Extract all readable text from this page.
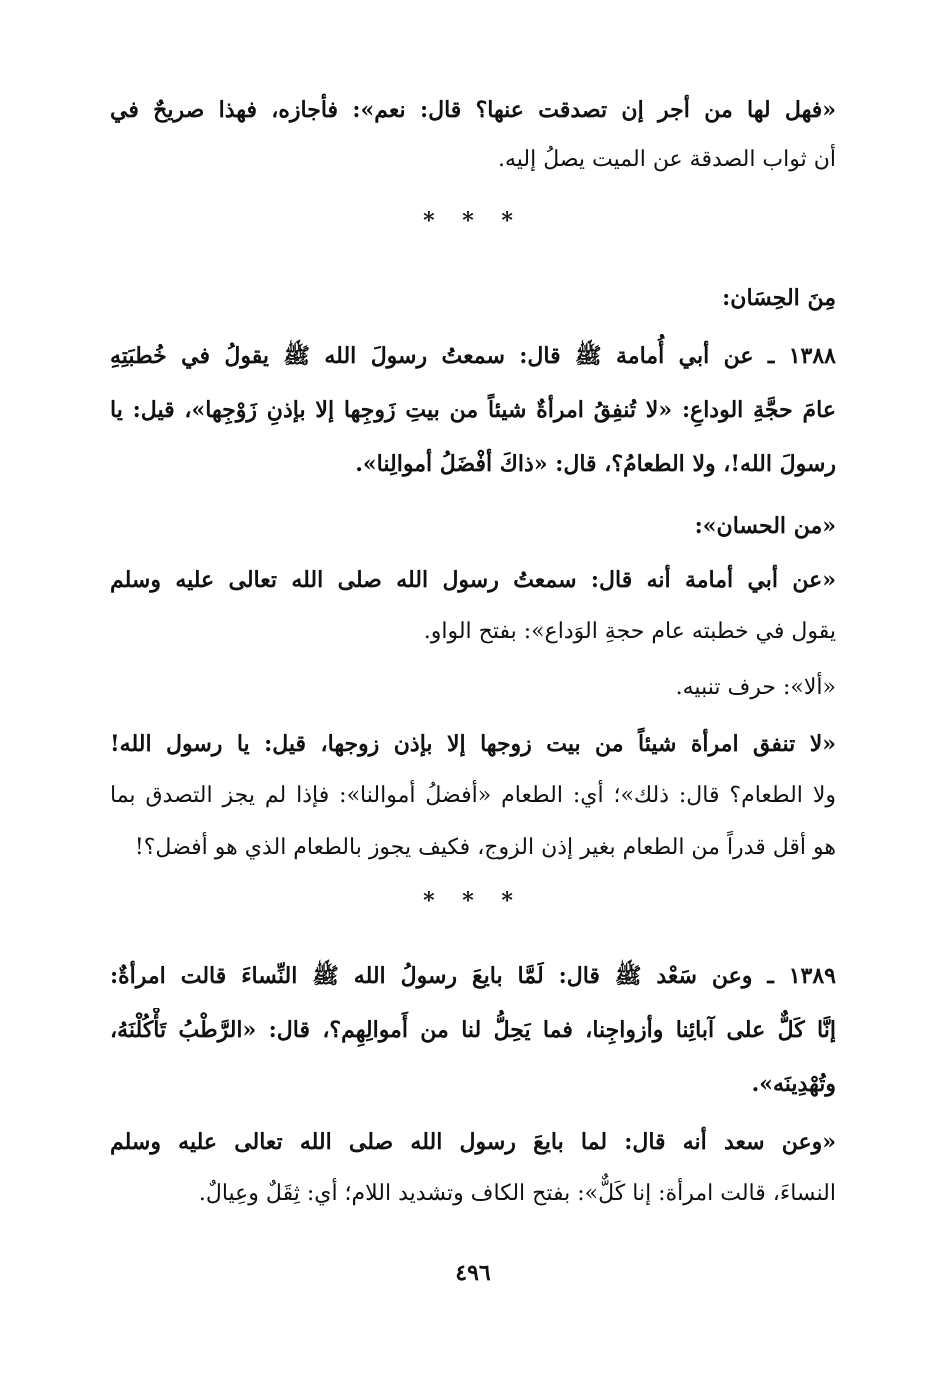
«فهل لها من أجر إن تصدقت عنها؟ قال: نعم»: فأجازه، فهذا صريحٌ في
أن ثواب الصدقة عن الميت يصلُ إليه.
* * *
مِنَ الحِسَان:
١٣٨٨ ـ عن أبي أُمامة ﷺ قال: سمعتُ رسولَ الله ﷺ يقولُ في خُطبَتِهِ
عامَ حجَّةِ الوداعِ: «لا تُنفِقُ امرأةٌ شيئاً من بيتِ زَوجِها إلا بإذنِ زَوْجِها»، قيل: يا
رسولَ الله!، ولا الطعامُ؟، قال: «ذاكَ أفْضَلُ أموالِنا».
«من الحسان»:
«عن أبي أمامة أنه قال: سمعتُ رسول الله صلى الله تعالى عليه وسلم
يقول في خطبته عام حجةِ الوَداع»: بفتح الواو.
«ألا»: حرف تنبيه.
«لا تنفق امرأة شيئاً من بيت زوجها إلا بإذن زوجها، قيل: يا رسول الله!
ولا الطعام؟ قال: ذلك»؛ أي: الطعام «أفضلُ أموالنا»: فإذا لم يجز التصدق بما
هو أقل قدراً من الطعام بغير إذن الزوج، فكيف يجوز بالطعام الذي هو أفضل؟!
* * *
١٣٨٩ ـ وعن سَعْد ﷺ قال: لَمَّا بايعَ رسولُ الله ﷺ النِّساءَ قالت امرأةٌ:
إنَّا كَلٌّ على آبائِنا وأزواجِنا، فما يَحِلُّ لنا من أَموالِهِم؟، قال: «الرَّطْبُ تَأْكُلْنَهُ،
وتُهْدِينَه».
«وعن سعد أنه قال: لما بايعَ رسول الله صلى الله تعالى عليه وسلم
النساءَ، قالت امرأة: إنا كَلٌّ»: بفتح الكاف وتشديد اللام؛ أي: ثِقَلٌ وعِيالٌ.
٤٩٦
